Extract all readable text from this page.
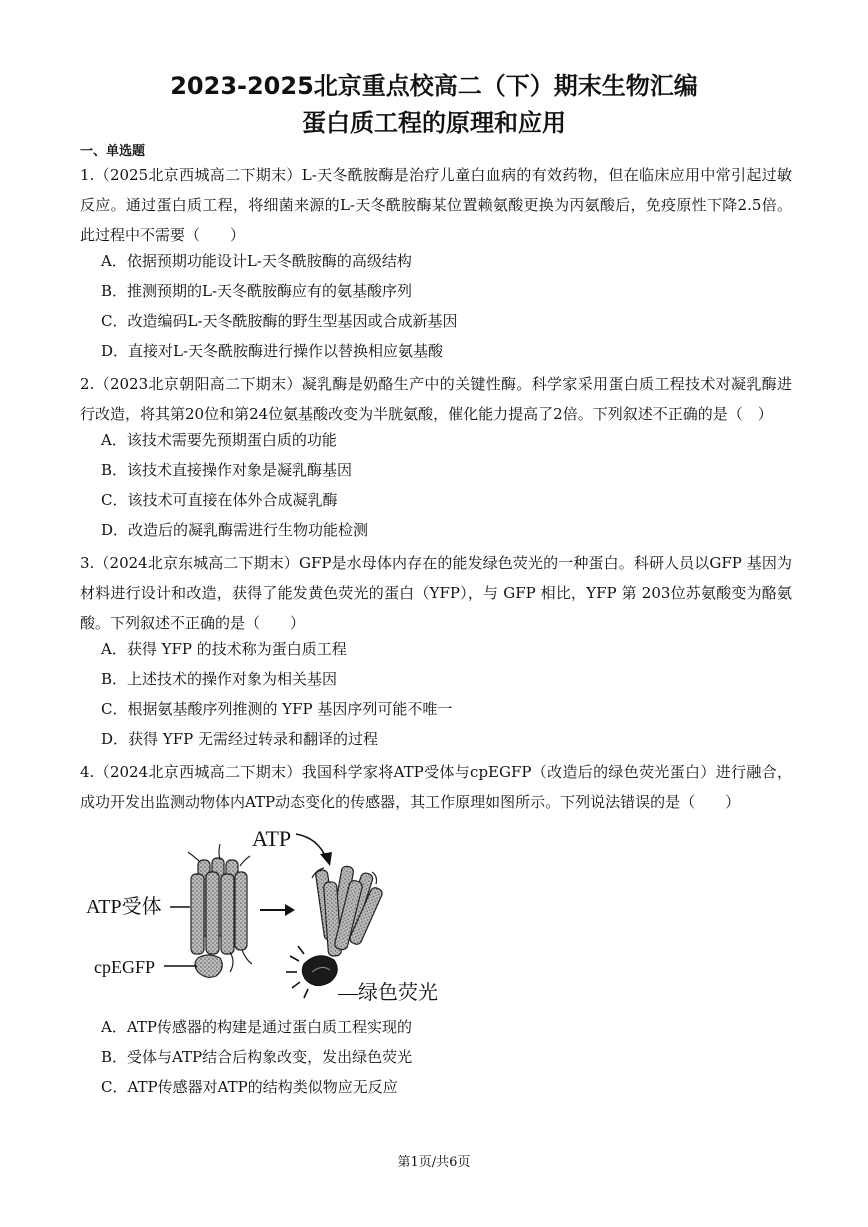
2023-2025北京重点校高二（下）期末生物汇编
蛋白质工程的原理和应用
一、单选题
1.（2025北京西城高二下期末）L-天冬酰胺酶是治疗儿童白血病的有效药物，但在临床应用中常引起过敏反应。通过蛋白质工程，将细菌来源的L-天冬酰胺酶某位置赖氨酸更换为丙氨酸后，免疫原性下降2.5倍。此过程中不需要（　　）
A．依据预期功能设计L-天冬酰胺酶的高级结构
B．推测预期的L-天冬酰胺酶应有的氨基酸序列
C．改造编码L-天冬酰胺酶的野生型基因或合成新基因
D．直接对L-天冬酰胺酶进行操作以替换相应氨基酸
2.（2023北京朝阳高二下期末）凝乳酶是奶酪生产中的关键性酶。科学家采用蛋白质工程技术对凝乳酶进行改造，将其第20位和第24位氨基酸改变为半胱氨酸，催化能力提高了2倍。下列叙述不正确的是（　）
A．该技术需要先预期蛋白质的功能
B．该技术直接操作对象是凝乳酶基因
C．该技术可直接在体外合成凝乳酶
D．改造后的凝乳酶需进行生物功能检测
3.（2024北京东城高二下期末）GFP是水母体内存在的能发绿色荧光的一种蛋白。科研人员以GFP 基因为材料进行设计和改造，获得了能发黄色荧光的蛋白（YFP），与 GFP 相比，YFP 第 203位苏氨酸变为酪氨酸。下列叙述不正确的是（　　）
A．获得 YFP 的技术称为蛋白质工程
B．上述技术的操作对象为相关基因
C．根据氨基酸序列推测的 YFP 基因序列可能不唯一
D．获得 YFP 无需经过转录和翻译的过程
4.（2024北京西城高二下期末）我国科学家将ATP受体与cpEGFP（改造后的绿色荧光蛋白）进行融合，成功开发出监测动物体内ATP动态变化的传感器，其工作原理如图所示。下列说法错误的是（　　）
ATP受体
cpEGFP
ATP
—绿色荧光
A．ATP传感器的构建是通过蛋白质工程实现的
B．受体与ATP结合后构象改变，发出绿色荧光
C．ATP传感器对ATP的结构类似物应无反应
第1页/共6页
